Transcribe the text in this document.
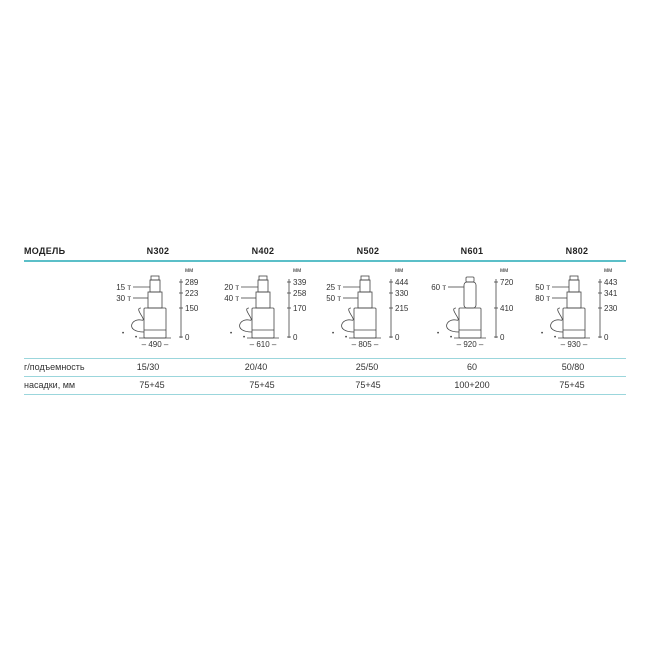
МОДЕЛЬ	N302	N402	N502	N601	N802
•
•
15 т
30 т
мм
289
223
150
0
– 490 –
•
•
20 т
40 т
мм
339
258
170
0
– 610 –
•
•
25 т
50 т
мм
444
330
215
0
– 805 –
•
•
60 т
мм
720
410
0
– 920 –
•
•
50 т
80 т
мм
443
341
230
0
– 930 –
г/подъемность	15/30	20/40	25/50	60	50/80
насадки, мм	75+45	75+45	75+45	100+200	75+45
